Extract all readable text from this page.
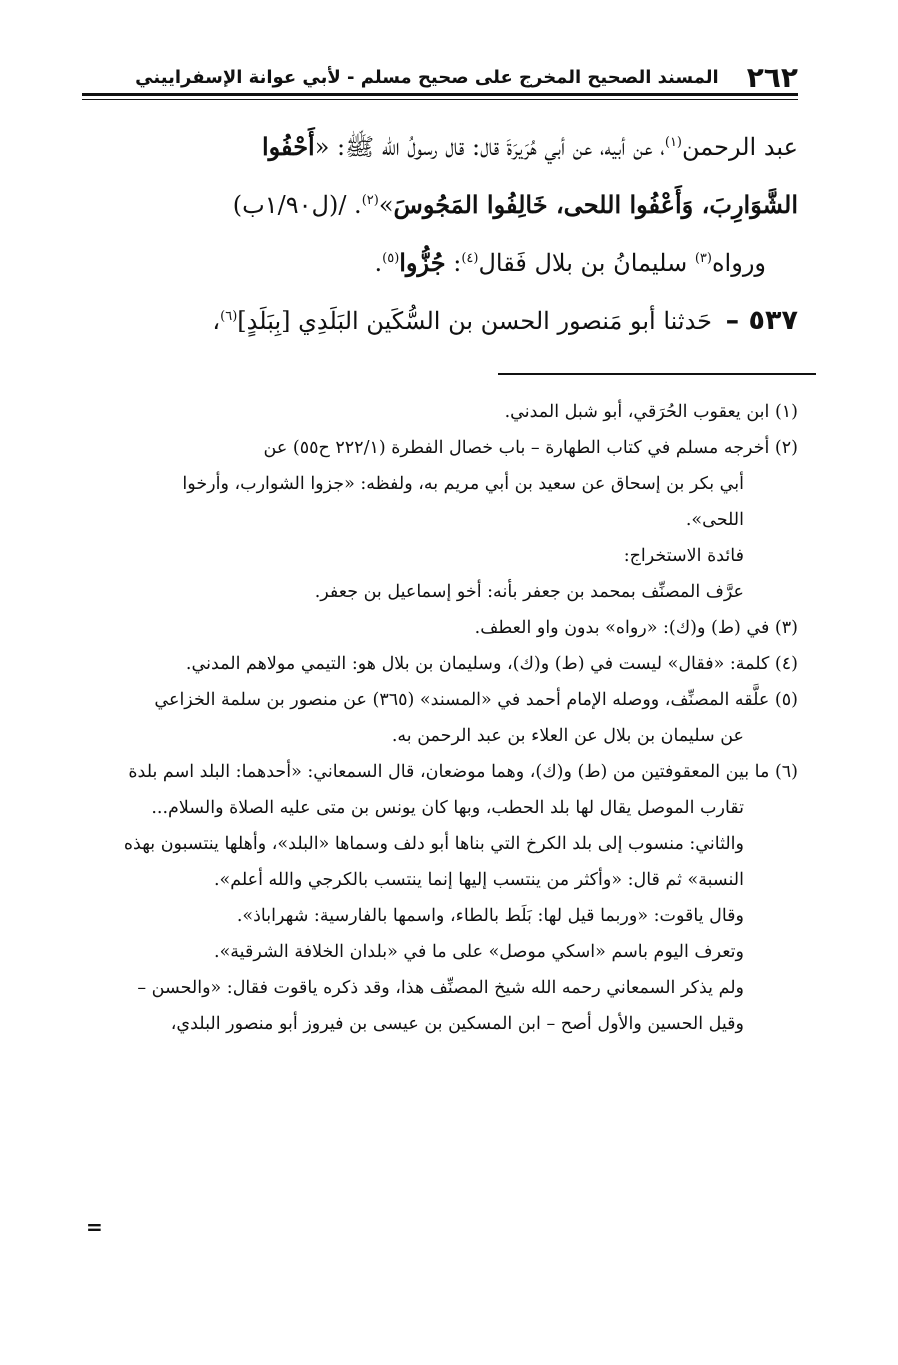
٢٦٢
المسند الصحيح المخرج على صحيح مسلم - لأبي عوانة الإسفراييني
عبد الرحمن$^{(١)}$، عن أبيه، عن أبي هُرَيرَةَ قال: قال رسولُ الله ﷺ: «أَحْفُوا
الشَّوَارِبَ، وَأَعْفُوا اللحى، خَالِفُوا المَجُوسَ»$^{(٢)}$. /(ل١/٩٠ب)
ورواه$^{(٣)}$ سليمانُ بن بلال فَقال$^{(٤)}$: جُزُّوا$^{(٥)}$.
٥٣٧ – حَدثنا أبو مَنصور الحسن بن السُّكَين البَلَدِي [بِبَلَدٍ]$^{(٦)}$،
(١) ابن يعقوب الحُرَقي، أبو شبل المدني.
(٢) أخرجه مسلم في كتاب الطهارة – باب خصال الفطرة (٢٢٢/١ ح٥٥) عن
أبي بكر بن إسحاق عن سعيد بن أبي مريم به، ولفظه: «جزوا الشوارب، وأرخوا
اللحى».
فائدة الاستخراج:
عرَّف المصنِّف بمحمد بن جعفر بأنه: أخو إسماعيل بن جعفر.
(٣) في (ط) و(ك): «رواه» بدون واو العطف.
(٤) كلمة: «فقال» ليست في (ط) و(ك)، وسليمان بن بلال هو: التيمي مولاهم المدني.
(٥) علَّقه المصنِّف، ووصله الإمام أحمد في «المسند» (٣٦٥) عن منصور بن سلمة الخزاعي
عن سليمان بن بلال عن العلاء بن عبد الرحمن به.
(٦) ما بين المعقوفتين من (ط) و(ك)، وهما موضعان، قال السمعاني: «أحدهما: البلد اسم بلدة
تقارب الموصل يقال لها بلد الحطب، وبها كان يونس بن متى عليه الصلاة والسلام...
والثاني: منسوب إلى بلد الكرخ التي بناها أبو دلف وسماها «البلد»، وأهلها ينتسبون بهذه
النسبة» ثم قال: «وأكثر من ينتسب إليها إنما ينتسب بالكرجي والله أعلم».
وقال ياقوت: «وربما قيل لها: بَلَط بالطاء، واسمها بالفارسية: شهراباذ».
وتعرف اليوم باسم «اسكي موصل» على ما في «بلدان الخلافة الشرقية».
ولم يذكر السمعاني رحمه الله شيخ المصنِّف هذا، وقد ذكره ياقوت فقال: «والحسن –
وقيل الحسين والأول أصح – ابن المسكين بن عيسى بن فيروز أبو منصور البلدي،
=
